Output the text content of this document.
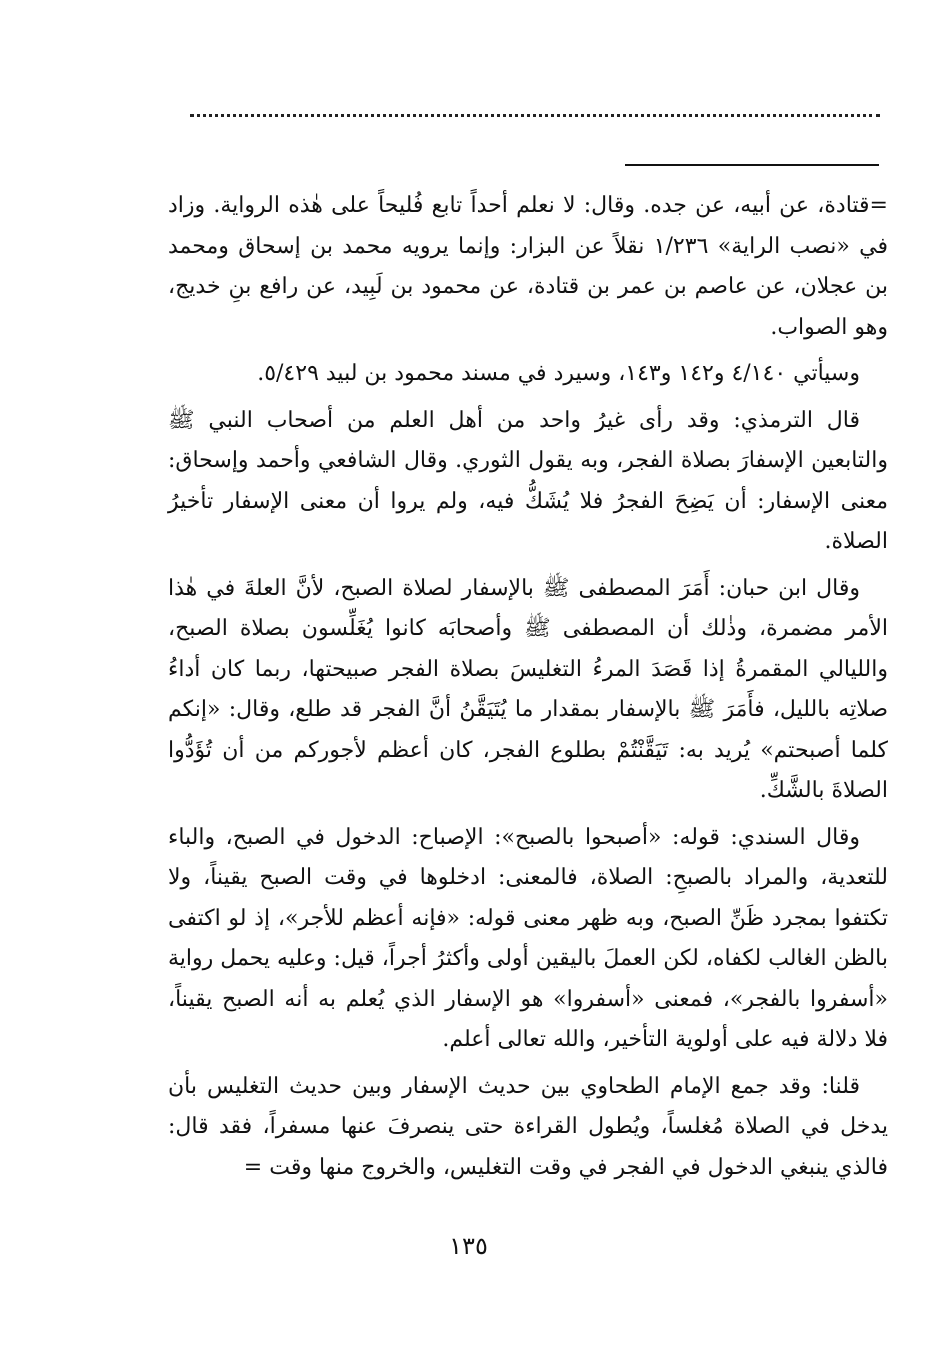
=قتادة، عن أبيه، عن جده. وقال: لا نعلم أحداً تابع فُليحاً على هٰذه الرواية. وزاد في «نصب الراية» ١/٢٣٦ نقلاً عن البزار: وإنما يرويه محمد بن إسحاق ومحمد بن عجلان، عن عاصم بن عمر بن قتادة، عن محمود بن لَبِيد، عن رافع بنِ خديج، وهو الصواب.

وسيأتي ٤/١٤٠ و١٤٢ و١٤٣، وسيرد في مسند محمود بن لبيد ٥/٤٢٩.

قال الترمذي: وقد رأى غيرُ واحد من أهل العلم من أصحاب النبي ﷺ والتابعين الإسفارَ بصلاة الفجر، وبه يقول الثوري. وقال الشافعي وأحمد وإسحاق: معنى الإسفار: أن يَضِحَ الفجرُ فلا يُشَكُّ فيه، ولم يروا أن معنى الإسفار تأخيرُ الصلاة.

وقال ابن حبان: أَمَرَ المصطفى ﷺ بالإسفار لصلاة الصبح، لأنَّ العلةَ في هٰذا الأمر مضمرة، وذٰلك أن المصطفى ﷺ وأصحابَه كانوا يُغَلِّسون بصلاة الصبح، والليالي المقمرةُ إذا قَصَدَ المرءُ التغليسَ بصلاة الفجر صبيحتها، ربما كان أداءُ صلاتِه بالليل، فأَمَرَ ﷺ بالإسفار بمقدار ما يُتَيَقَّنُ أنَّ الفجر قد طلع، وقال: «إنكم كلما أصبحتم» يُريد به: تَيَقَّنْتُمْ بطلوع الفجر، كان أعظم لأجوركم من أن تُؤَدُّوا الصلاةَ بالشَّكِّ.

وقال السندي: قوله: «أصبحوا بالصبح»: الإصباح: الدخول في الصبح، والباء للتعدية، والمراد بالصبحِ: الصلاة، فالمعنى: ادخلوها في وقت الصبح يقيناً، ولا تكتفوا بمجرد ظَنِّ الصبح، وبه ظهر معنى قوله: «فإنه أعظم للأجر»، إذ لو اكتفى بالظن الغالب لكفاه، لكن العملَ باليقين أولى وأكثرُ أجراً، قيل: وعليه يحمل رواية «أسفروا بالفجر»، فمعنى «أسفروا» هو الإسفار الذي يُعلم به أنه الصبح يقيناً، فلا دلالة فيه على أولوية التأخير، والله تعالى أعلم.

قلنا: وقد جمع الإمام الطحاوي بين حديث الإسفار وبين حديث التغليس بأن يدخل في الصلاة مُغلساً، ويُطول القراءة حتى ينصرفَ عنها مسفراً، فقد قال: فالذي ينبغي الدخول في الفجر في وقت التغليس، والخروج منها وقت =

١٣٥
